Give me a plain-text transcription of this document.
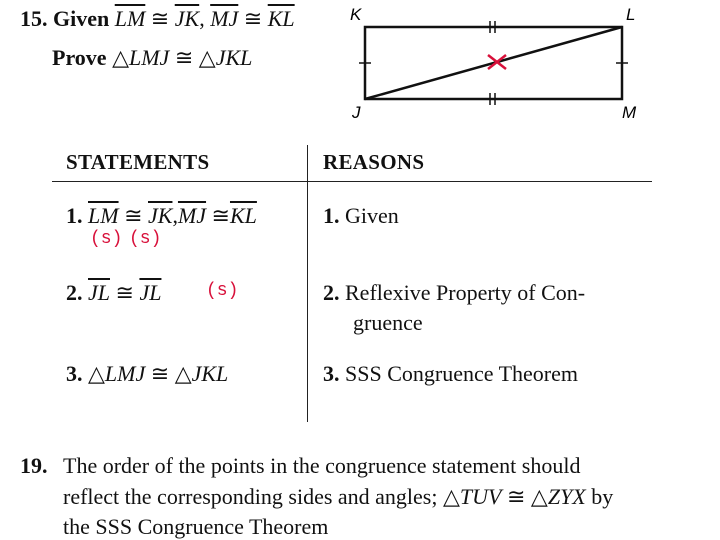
15. Given $\overline{LM}$ ≅ $\overline{JK}$, $\overline{MJ}$ ≅ $\overline{KL}$
Prove △LMJ ≅ △JKL
K	L
J	M
STATEMENTS	REASONS
1. $\overline{LM}$ ≅ $\overline{JK},\overline{MJ}$ $≅\overline{KL}$
(s) (s)
1. Given
2. $\overline{JL}$ ≅ $\overline{JL}$ (s)	2. Reflexive Property of Con-
gruence
3. △LMJ ≅ △JKL	3. SSS Congruence Theorem
19. The order of the points in the congruence statement should
reflect the corresponding sides and angles; △TUV ≅ △ZYX by
the SSS Congruence Theorem
